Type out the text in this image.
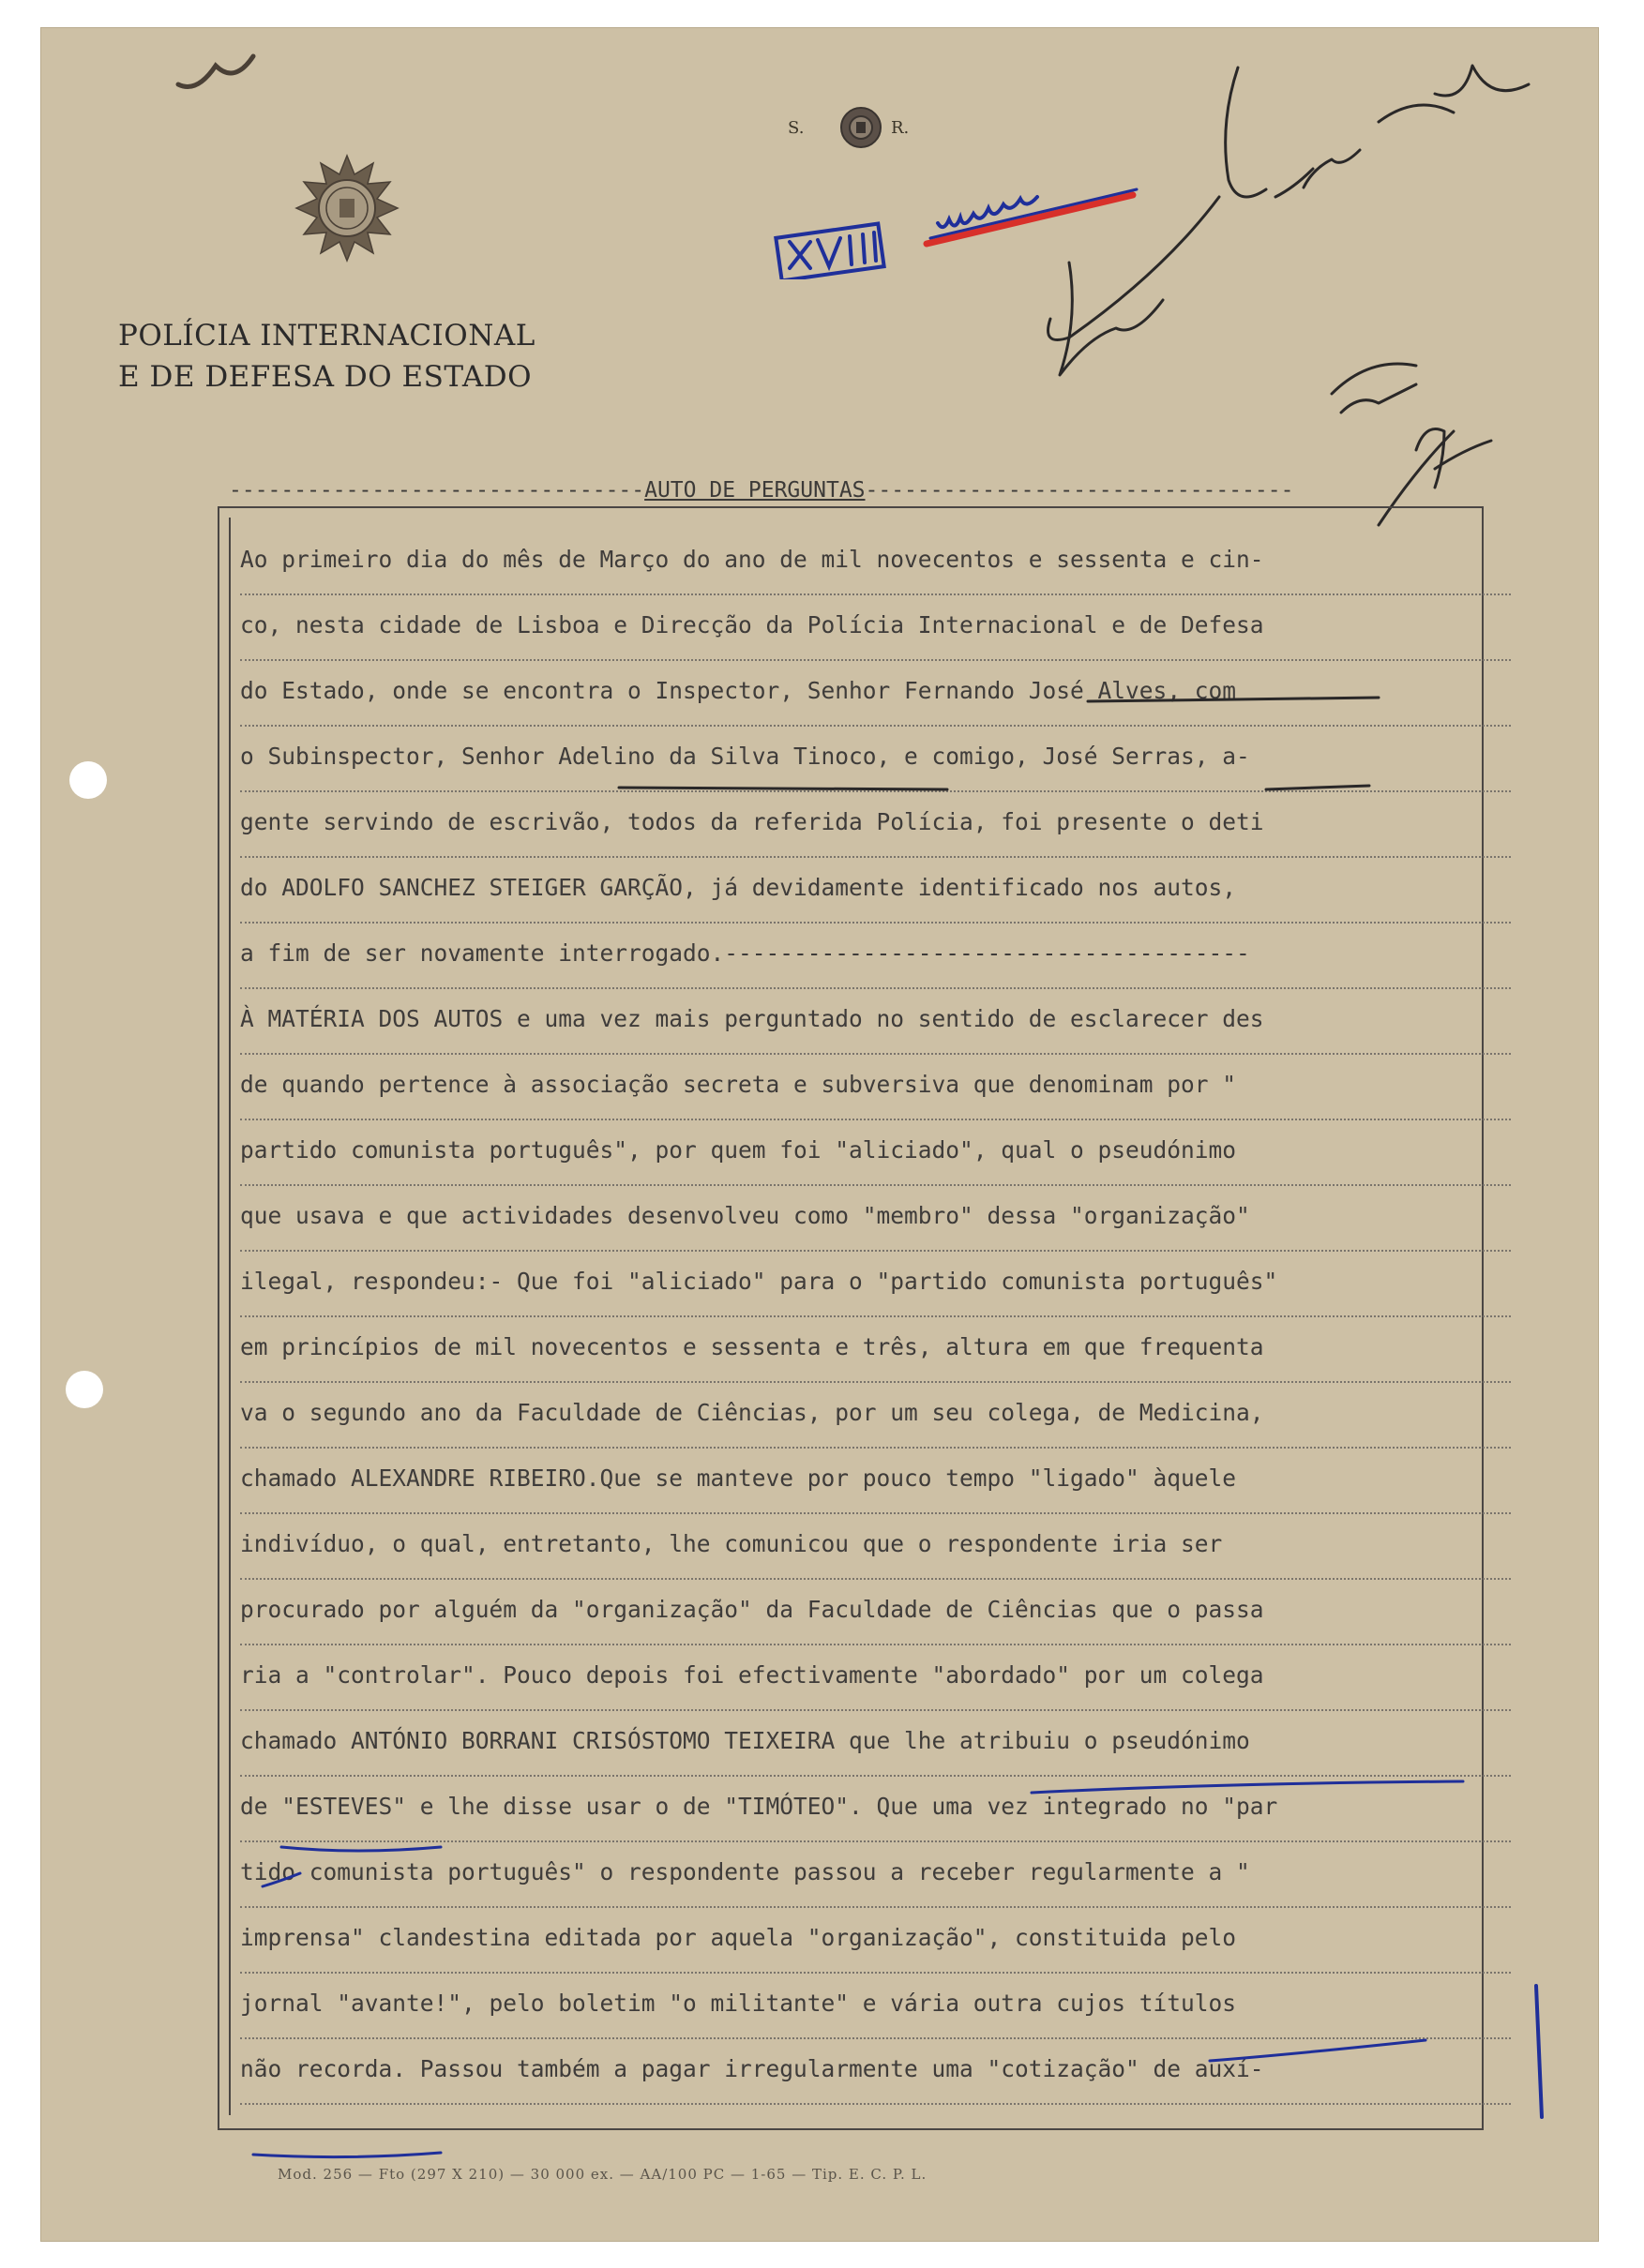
S.	R.
POLÍCIA INTERNACIONAL
E DE DEFESA DO ESTADO
--------------------------------AUTO DE PERGUNTAS---------------------------------
Ao primeiro dia do mês de Março do ano de mil novecentos e sessenta e cin-
co, nesta cidade de Lisboa e Direcção da Polícia Internacional e de Defesa
do Estado, onde se encontra o Inspector, Senhor Fernando José Alves, com
o Subinspector, Senhor Adelino da Silva Tinoco, e comigo, José Serras, a-
gente servindo de escrivão, todos da referida Polícia, foi presente o deti
do ADOLFO SANCHEZ STEIGER GARÇÃO, já devidamente identificado nos autos,
a fim de ser novamente interrogado.--------------------------------------
À MATÉRIA DOS AUTOS e uma vez mais perguntado no sentido de esclarecer des
de quando pertence à associação secreta e subversiva que denominam por "
partido comunista português", por quem foi "aliciado", qual o pseudónimo
que usava e que actividades desenvolveu como "membro" dessa "organização"
ilegal, respondeu:- Que foi "aliciado" para o "partido comunista português"
em princípios de mil novecentos e sessenta e três, altura em que frequenta
va o segundo ano da Faculdade de Ciências, por um seu colega, de Medicina,
chamado ALEXANDRE RIBEIRO.Que se manteve por pouco tempo "ligado" àquele
indivíduo, o qual, entretanto, lhe comunicou que o respondente iria ser
procurado por alguém da "organização" da Faculdade de Ciências que o passa
ria a "controlar". Pouco depois foi efectivamente "abordado" por um colega
chamado ANTÓNIO BORRANI CRISÓSTOMO TEIXEIRA que lhe atribuiu o pseudónimo
de "ESTEVES" e lhe disse usar o de "TIMÓTEO". Que uma vez integrado no "par
tido comunista português" o respondente passou a receber regularmente a "
imprensa" clandestina editada por aquela "organização", constituida pelo
jornal "avante!", pelo boletim "o militante" e vária outra cujos títulos
não recorda. Passou também a pagar irregularmente uma "cotização" de auxí-
Mod. 256 — Fto (297 X 210) — 30 000 ex. — AA/100 PC — 1-65 — Tip. E. C. P. L.
